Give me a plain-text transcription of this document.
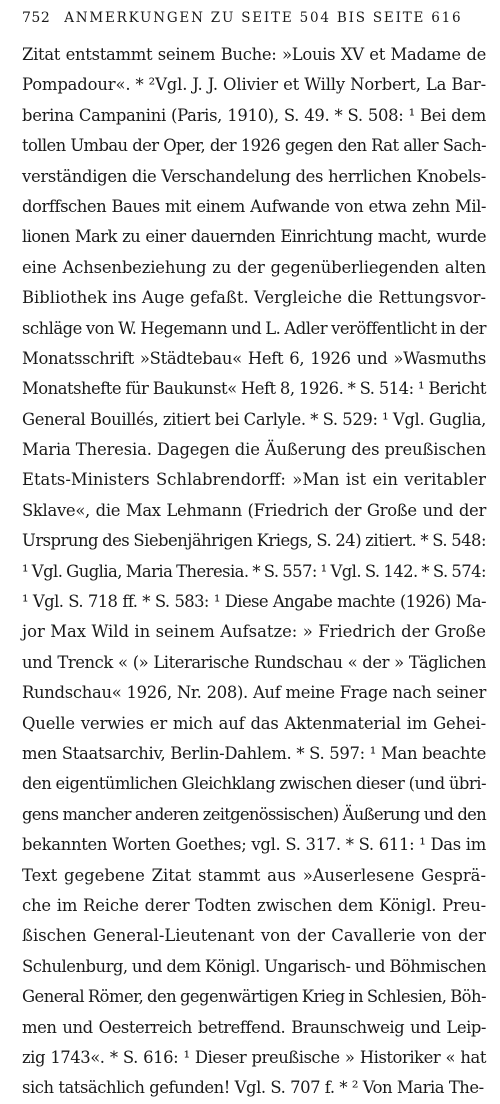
752 ANMERKUNGEN ZU SEITE 504 BIS SEITE 616
Zitat entstammt seinem Buche: »Louis XV et Madame de
Pompadour«. * ²Vgl. J. J. Olivier et Willy Norbert, La Bar-
berina Campanini (Paris, 1910), S. 49. * S. 508: ¹ Bei dem
tollen Umbau der Oper, der 1926 gegen den Rat aller Sach-
verständigen die Verschandelung des herrlichen Knobels-
dorffschen Baues mit einem Aufwande von etwa zehn Mil-
lionen Mark zu einer dauernden Einrichtung macht, wurde
eine Achsenbeziehung zu der gegenüberliegenden alten
Bibliothek ins Auge gefaßt. Vergleiche die Rettungsvor-
schläge von W. Hegemann und L. Adler veröffentlicht in der
Monatsschrift »Städtebau« Heft 6, 1926 und »Wasmuths
Monatshefte für Baukunst« Heft 8, 1926. * S. 514: ¹ Bericht
General Bouillés, zitiert bei Carlyle. * S. 529: ¹ Vgl. Guglia,
Maria Theresia. Dagegen die Äußerung des preußischen
Etats-Ministers Schlabrendorff: »Man ist ein veritabler
Sklave«, die Max Lehmann (Friedrich der Große und der
Ursprung des Siebenjährigen Kriegs, S. 24) zitiert. * S. 548:
¹ Vgl. Guglia, Maria Theresia. * S. 557: ¹ Vgl. S. 142. * S. 574:
¹ Vgl. S. 718 ff. * S. 583: ¹ Diese Angabe machte (1926) Ma-
jor Max Wild in seinem Aufsatze: » Friedrich der Große
und Trenck « (» Literarische Rundschau « der » Täglichen
Rundschau« 1926, Nr. 208). Auf meine Frage nach seiner
Quelle verwies er mich auf das Aktenmaterial im Gehei-
men Staatsarchiv, Berlin-Dahlem. * S. 597: ¹ Man beachte
den eigentümlichen Gleichklang zwischen dieser (und übri-
gens mancher anderen zeitgenössischen) Äußerung und den
bekannten Worten Goethes; vgl. S. 317. * S. 611: ¹ Das im
Text gegebene Zitat stammt aus »Auserlesene Gesprä-
che im Reiche derer Todten zwischen dem Königl. Preu-
ßischen General-Lieutenant von der Cavallerie von der
Schulenburg, und dem Königl. Ungarisch- und Böhmischen
General Römer, den gegenwärtigen Krieg in Schlesien, Böh-
men und Oesterreich betreffend. Braunschweig und Leip-
zig 1743«. * S. 616: ¹ Dieser preußische » Historiker « hat
sich tatsächlich gefunden! Vgl. S. 707 f. * ² Von Maria The-
